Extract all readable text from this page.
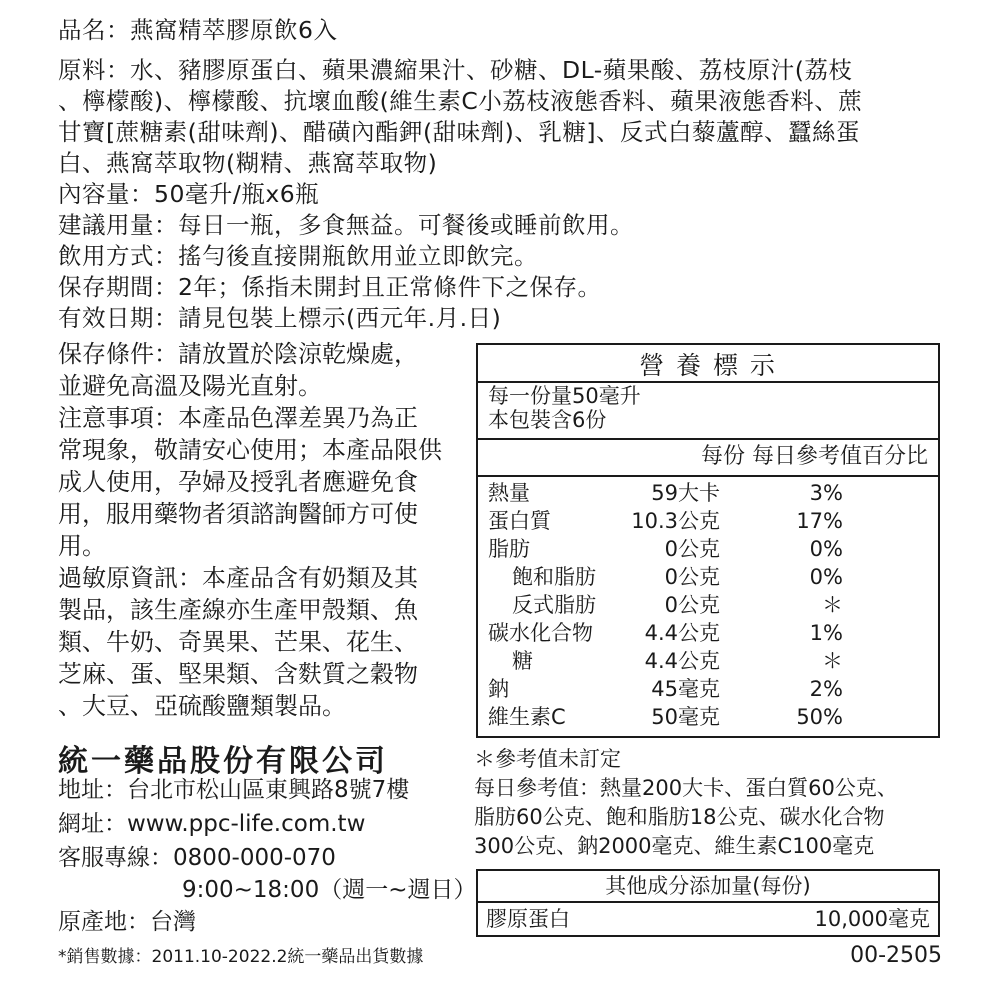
品名：燕窩精萃膠原飲6入
原料：水、豬膠原蛋白、蘋果濃縮果汁、砂糖、DL-蘋果酸、荔枝原汁(荔枝
、檸檬酸)、檸檬酸、抗壞血酸(維生素C小荔枝液態香料、蘋果液態香料、蔗
甘寶[蔗糖素(甜味劑)、醋磺內酯鉀(甜味劑)、乳糖]、反式白藜蘆醇、蠶絲蛋
白、燕窩萃取物(糊精、燕窩萃取物)
內容量：50毫升/瓶x6瓶
建議用量：每日一瓶，多食無益。可餐後或睡前飲用。
飲用方式：搖勻後直接開瓶飲用並立即飲完。
保存期間：2年；係指未開封且正常條件下之保存。
有效日期：請見包裝上標示(西元年.月.日)
保存條件：請放置於陰涼乾燥處，
並避免高溫及陽光直射。
注意事項：本產品色澤差異乃為正
常現象，敬請安心使用；本產品限供
成人使用，孕婦及授乳者應避免食
用，服用藥物者須諮詢醫師方可使
用。
過敏原資訊：本產品含有奶類及其
製品，該生產線亦生產甲殼類、魚
類、牛奶、奇異果、芒果、花生、
芝麻、蛋、堅果類、含麩質之穀物
、大豆、亞硫酸鹽類製品。
統一藥品股份有限公司
地址：台北市松山區東興路8號7樓
網址：www.ppc-life.com.tw
客服專線：0800-000-070
9:00~18:00（週一~週日）
原產地：台灣
*銷售數據：2011.10-2022.2統一藥品出貨數據
營 養 標 示
每一份量50毫升
本包裝含6份
每份 每日參考值百分比
熱量	59大卡	3%
蛋白質	10.3公克	17%
脂肪	0公克	0%
飽和脂肪	0公克	0%
反式脂肪	0公克	＊
碳水化合物 4.4公克	1%
糖	4.4公克	＊
鈉	45毫克	2%
維生素C	50毫克	50%
＊參考值未訂定
每日參考值：熱量200大卡、蛋白質60公克、
脂肪60公克、飽和脂肪18公克、碳水化合物
300公克、鈉2000毫克、維生素C100毫克
其他成分添加量(每份)
膠原蛋白	10,000毫克
00-2505
